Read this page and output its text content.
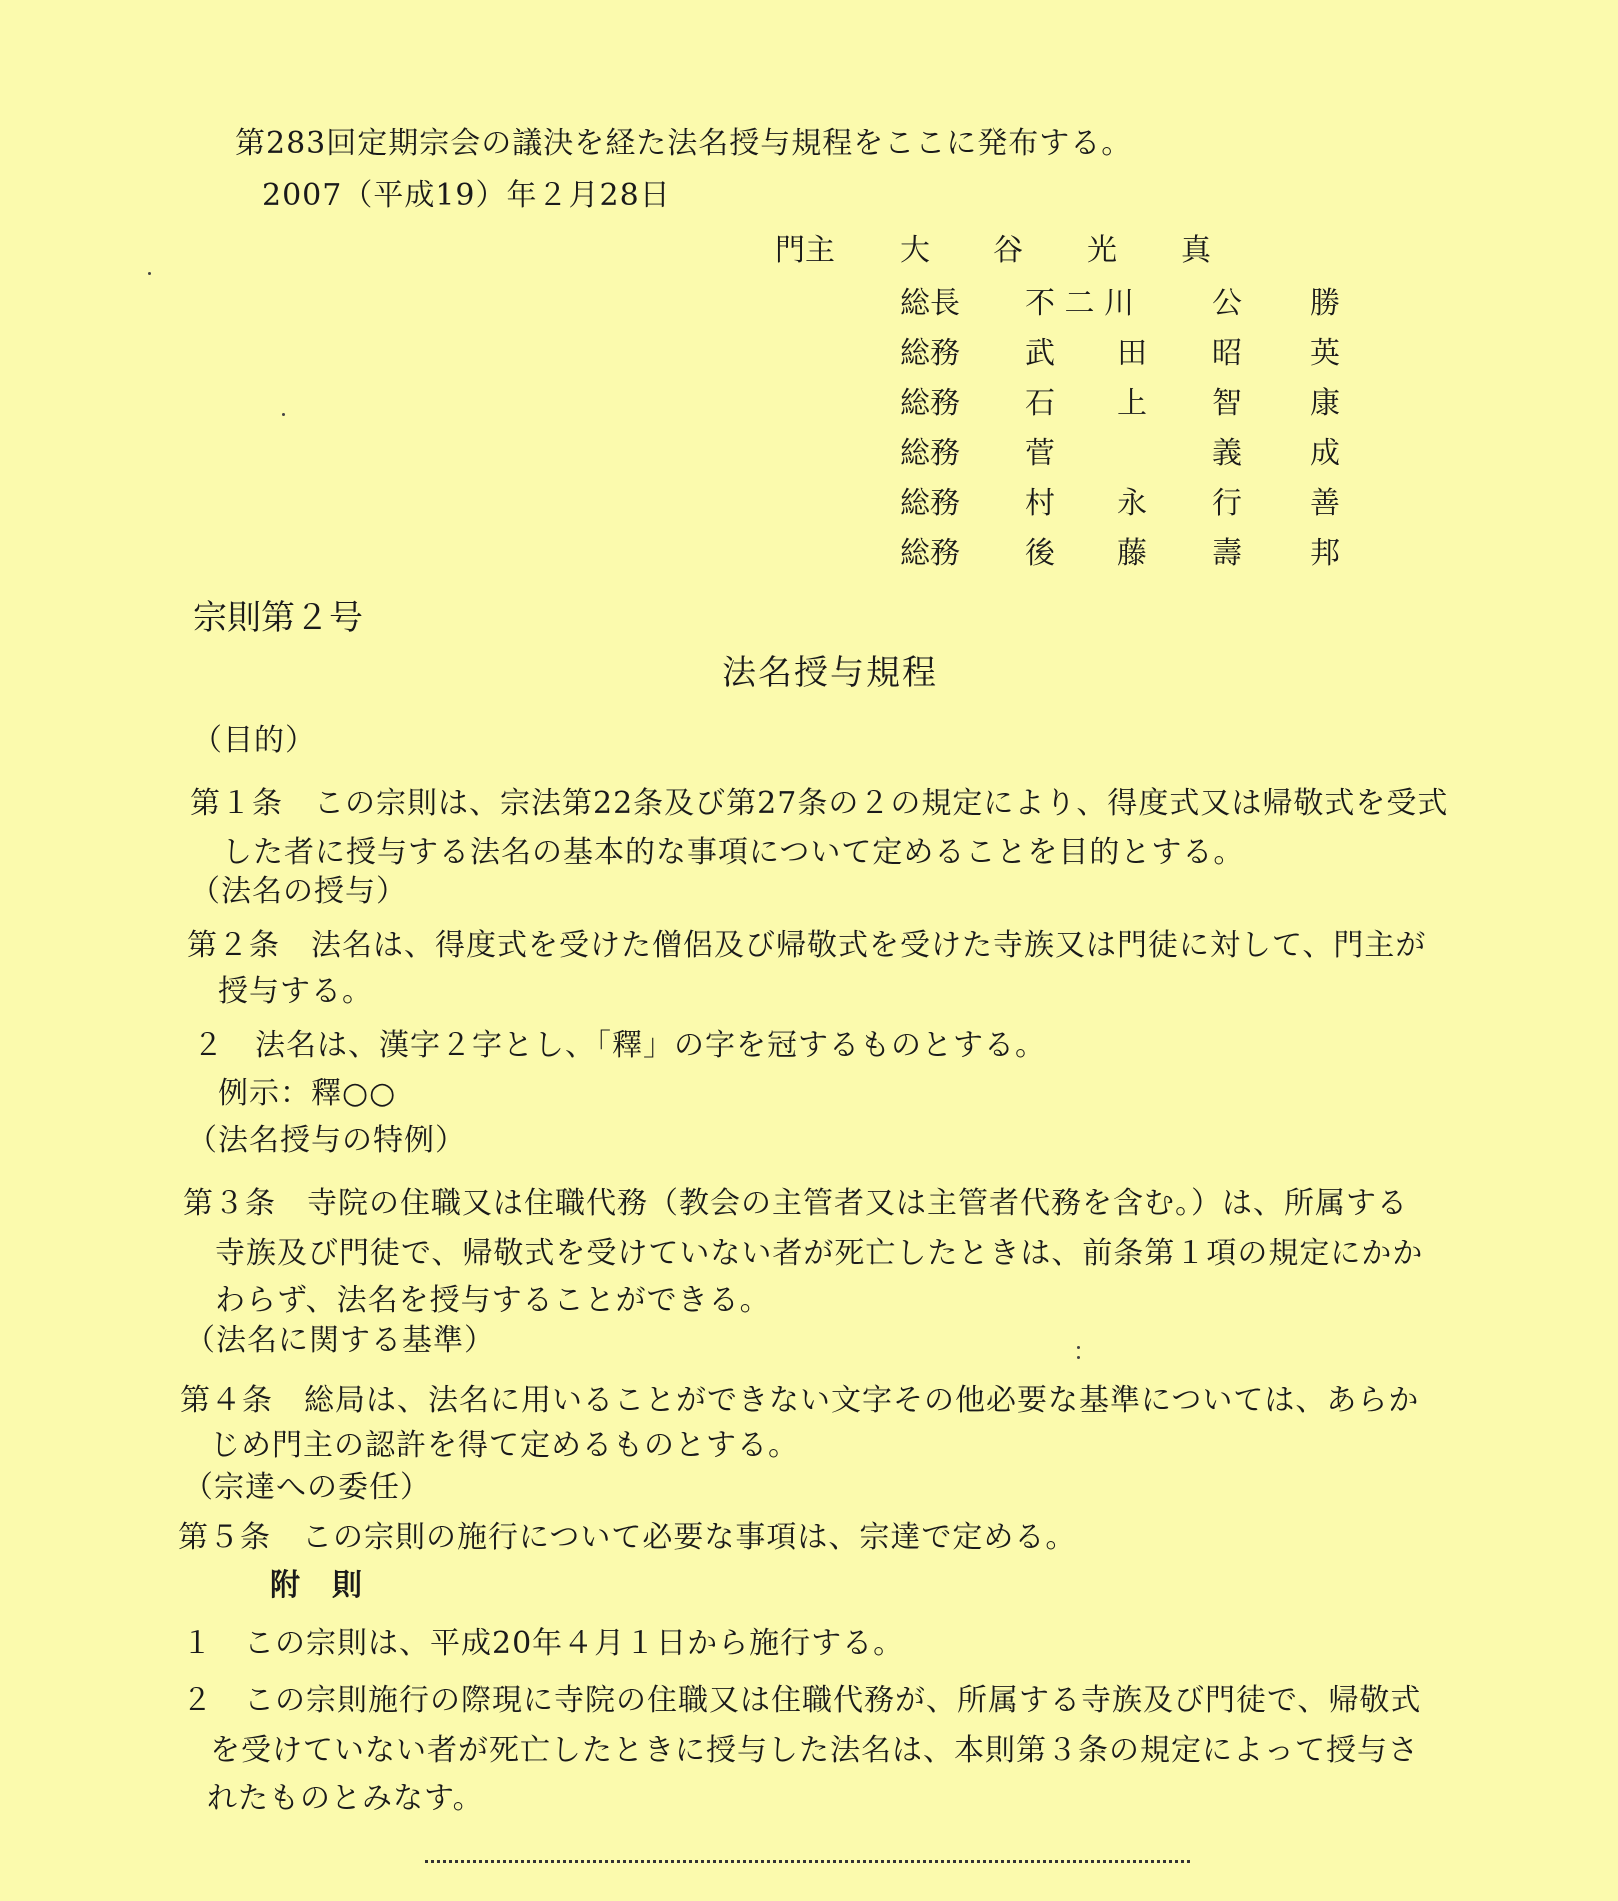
第283回定期宗会の議決を経た法名授与規程をここに発布する。
2007（平成19）年２月28日
門主 大 谷 光 真
総長 不 二 川	公 勝
総務 武 田 昭 英
総務 石 上 智 康
総務 菅	義 成
総務 村 永 行 善
総務 後 藤 壽 邦
宗則第２号
法名授与規程
（目的）
第１条　この宗則は、宗法第22条及び第27条の２の規定により、得度式又は帰敬式を受式
した者に授与する法名の基本的な事項について定めることを目的とする。
（法名の授与）
第２条　法名は、得度式を受けた僧侶及び帰敬式を受けた寺族又は門徒に対して、門主が
授与する。
２　法名は、漢字２字とし、「釋」の字を冠するものとする。
例示：釋○○
（法名授与の特例）
第３条　寺院の住職又は住職代務（教会の主管者又は主管者代務を含む。）は、所属する
寺族及び門徒で、帰敬式を受けていない者が死亡したときは、前条第１項の規定にかか
わらず、法名を授与することができる。
（法名に関する基準）
第４条　総局は、法名に用いることができない文字その他必要な基準については、あらか
じめ門主の認許を得て定めるものとする。
（宗達への委任）
第５条　この宗則の施行について必要な事項は、宗達で定める。
附　則
１　この宗則は、平成20年４月１日から施行する。
２　この宗則施行の際現に寺院の住職又は住職代務が、所属する寺族及び門徒で、帰敬式
を受けていない者が死亡したときに授与した法名は、本則第３条の規定によって授与さ
れたものとみなす。
